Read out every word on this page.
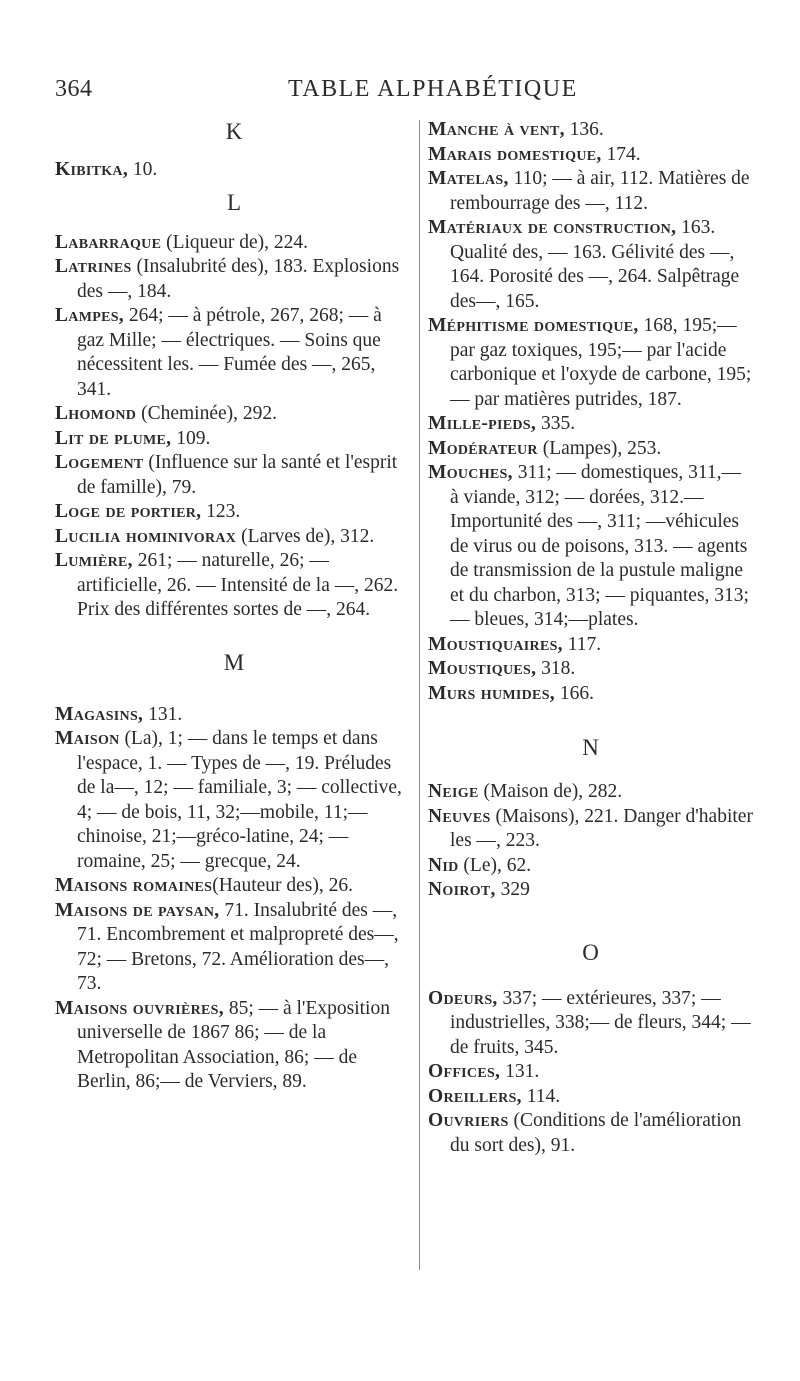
364	TABLE ALPHABÉTIQUE
K
Kibitka, 10.
L
Labarraque (Liqueur de), 224.
Latrines (Insalubrité des), 183. Explosions des —, 184.
Lampes, 264; — à pétrole, 267, 268; — à gaz Mille; — électriques. — Soins que nécessitent les. — Fumée des —, 265, 341.
Lhomond (Cheminée), 292.
Lit de plume, 109.
Logement (Influence sur la santé et l'esprit de famille), 79.
Loge de portier, 123.
Lucilia hominivorax (Larves de), 312.
Lumière, 261; — naturelle, 26; — artificielle, 26. — Intensité de la —, 262. Prix des différentes sortes de —, 264.
M
Magasins, 131.
Maison (La), 1; — dans le temps et dans l'espace, 1. — Types de —, 19. Préludes de la—, 12; — familiale, 3; — collective, 4; — de bois, 11, 32;—mobile, 11;— chinoise, 21;—gréco-latine, 24; — romaine, 25; — grecque, 24.
Maisons romaines(Hauteur des), 26.
Maisons de paysan, 71. Insalubrité des —, 71. Encombrement et malpropreté des—, 72; — Bretons, 72. Amélioration des—, 73.
Maisons ouvrières, 85; — à l'Exposition universelle de 1867 86; — de la Metropolitan Association, 86; — de Berlin, 86;— de Verviers, 89.
Manche à vent, 136.
Marais domestique, 174.
Matelas, 110; — à air, 112. Matières de rembourrage des —, 112.
Matériaux de construction, 163. Qualité des, — 163. Gélivité des —, 164. Porosité des —, 264. Salpêtrage des—, 165.
Méphitisme domestique, 168, 195;—par gaz toxiques, 195;— par l'acide carbonique et l'oxyde de carbone, 195; — par matières putrides, 187.
Mille-pieds, 335.
Modérateur (Lampes), 253.
Mouches, 311; — domestiques, 311,— à viande, 312; — dorées, 312.— Importunité des —, 311; —véhicules de virus ou de poisons, 313. — agents de transmission de la pustule maligne et du charbon, 313; — piquantes, 313;— bleues, 314;—plates.
Moustiquaires, 117.
Moustiques, 318.
Murs humides, 166.
N
Neige (Maison de), 282.
Neuves (Maisons), 221. Danger d'habiter les —, 223.
Nid (Le), 62.
Noirot, 329
O
Odeurs, 337; — extérieures, 337; —industrielles, 338;— de fleurs, 344; — de fruits, 345.
Offices, 131.
Oreillers, 114.
Ouvriers (Conditions de l'amélioration du sort des), 91.
